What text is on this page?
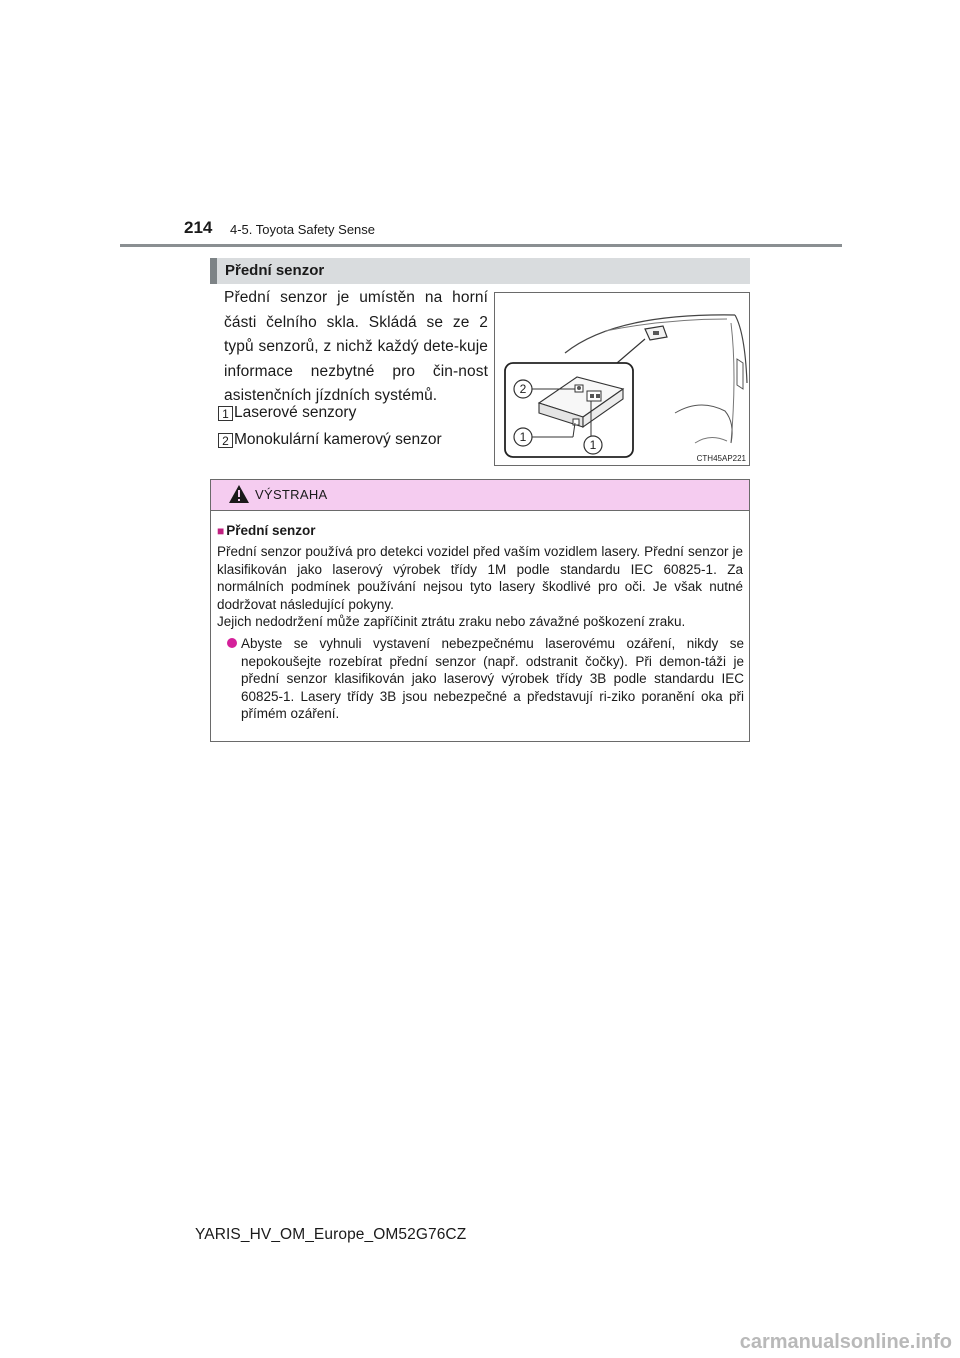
214 4-5. Toyota Safety Sense
Přední senzor

Přední senzor je umístěn na horní části čelního skla. Skládá se ze 2 typů senzorů, z nichž každý dete-kuje informace nezbytné pro čin-nost asistenčních jízdních systémů.

1 Laserové senzory
2 Monokulární kamerový senzor
2
1
1
CTH45AP221
VÝSTRAHA
■ Přední senzor

Přední senzor používá pro detekci vozidel před vaším vozidlem lasery. Přední senzor je klasifikován jako laserový výrobek třídy 1M podle standardu IEC 60825-1. Za normálních podmínek používání nejsou tyto lasery škodlivé pro oči. Je však nutné dodržovat následující pokyny.
Jejich nedodržení může zapříčinit ztrátu zraku nebo závažné poškození zraku.

Abyste se vyhnuli vystavení nebezpečnému laserovému ozáření, nikdy se nepokoušejte rozebírat přední senzor (např. odstranit čočky). Při demon-táži je přední senzor klasifikován jako laserový výrobek třídy 3B podle standardu IEC 60825-1. Lasery třídy 3B jsou nebezpečné a představují ri-ziko poranění oka při přímém ozáření.

YARIS_HV_OM_Europe_OM52G76CZ
carmanualsonline.info
